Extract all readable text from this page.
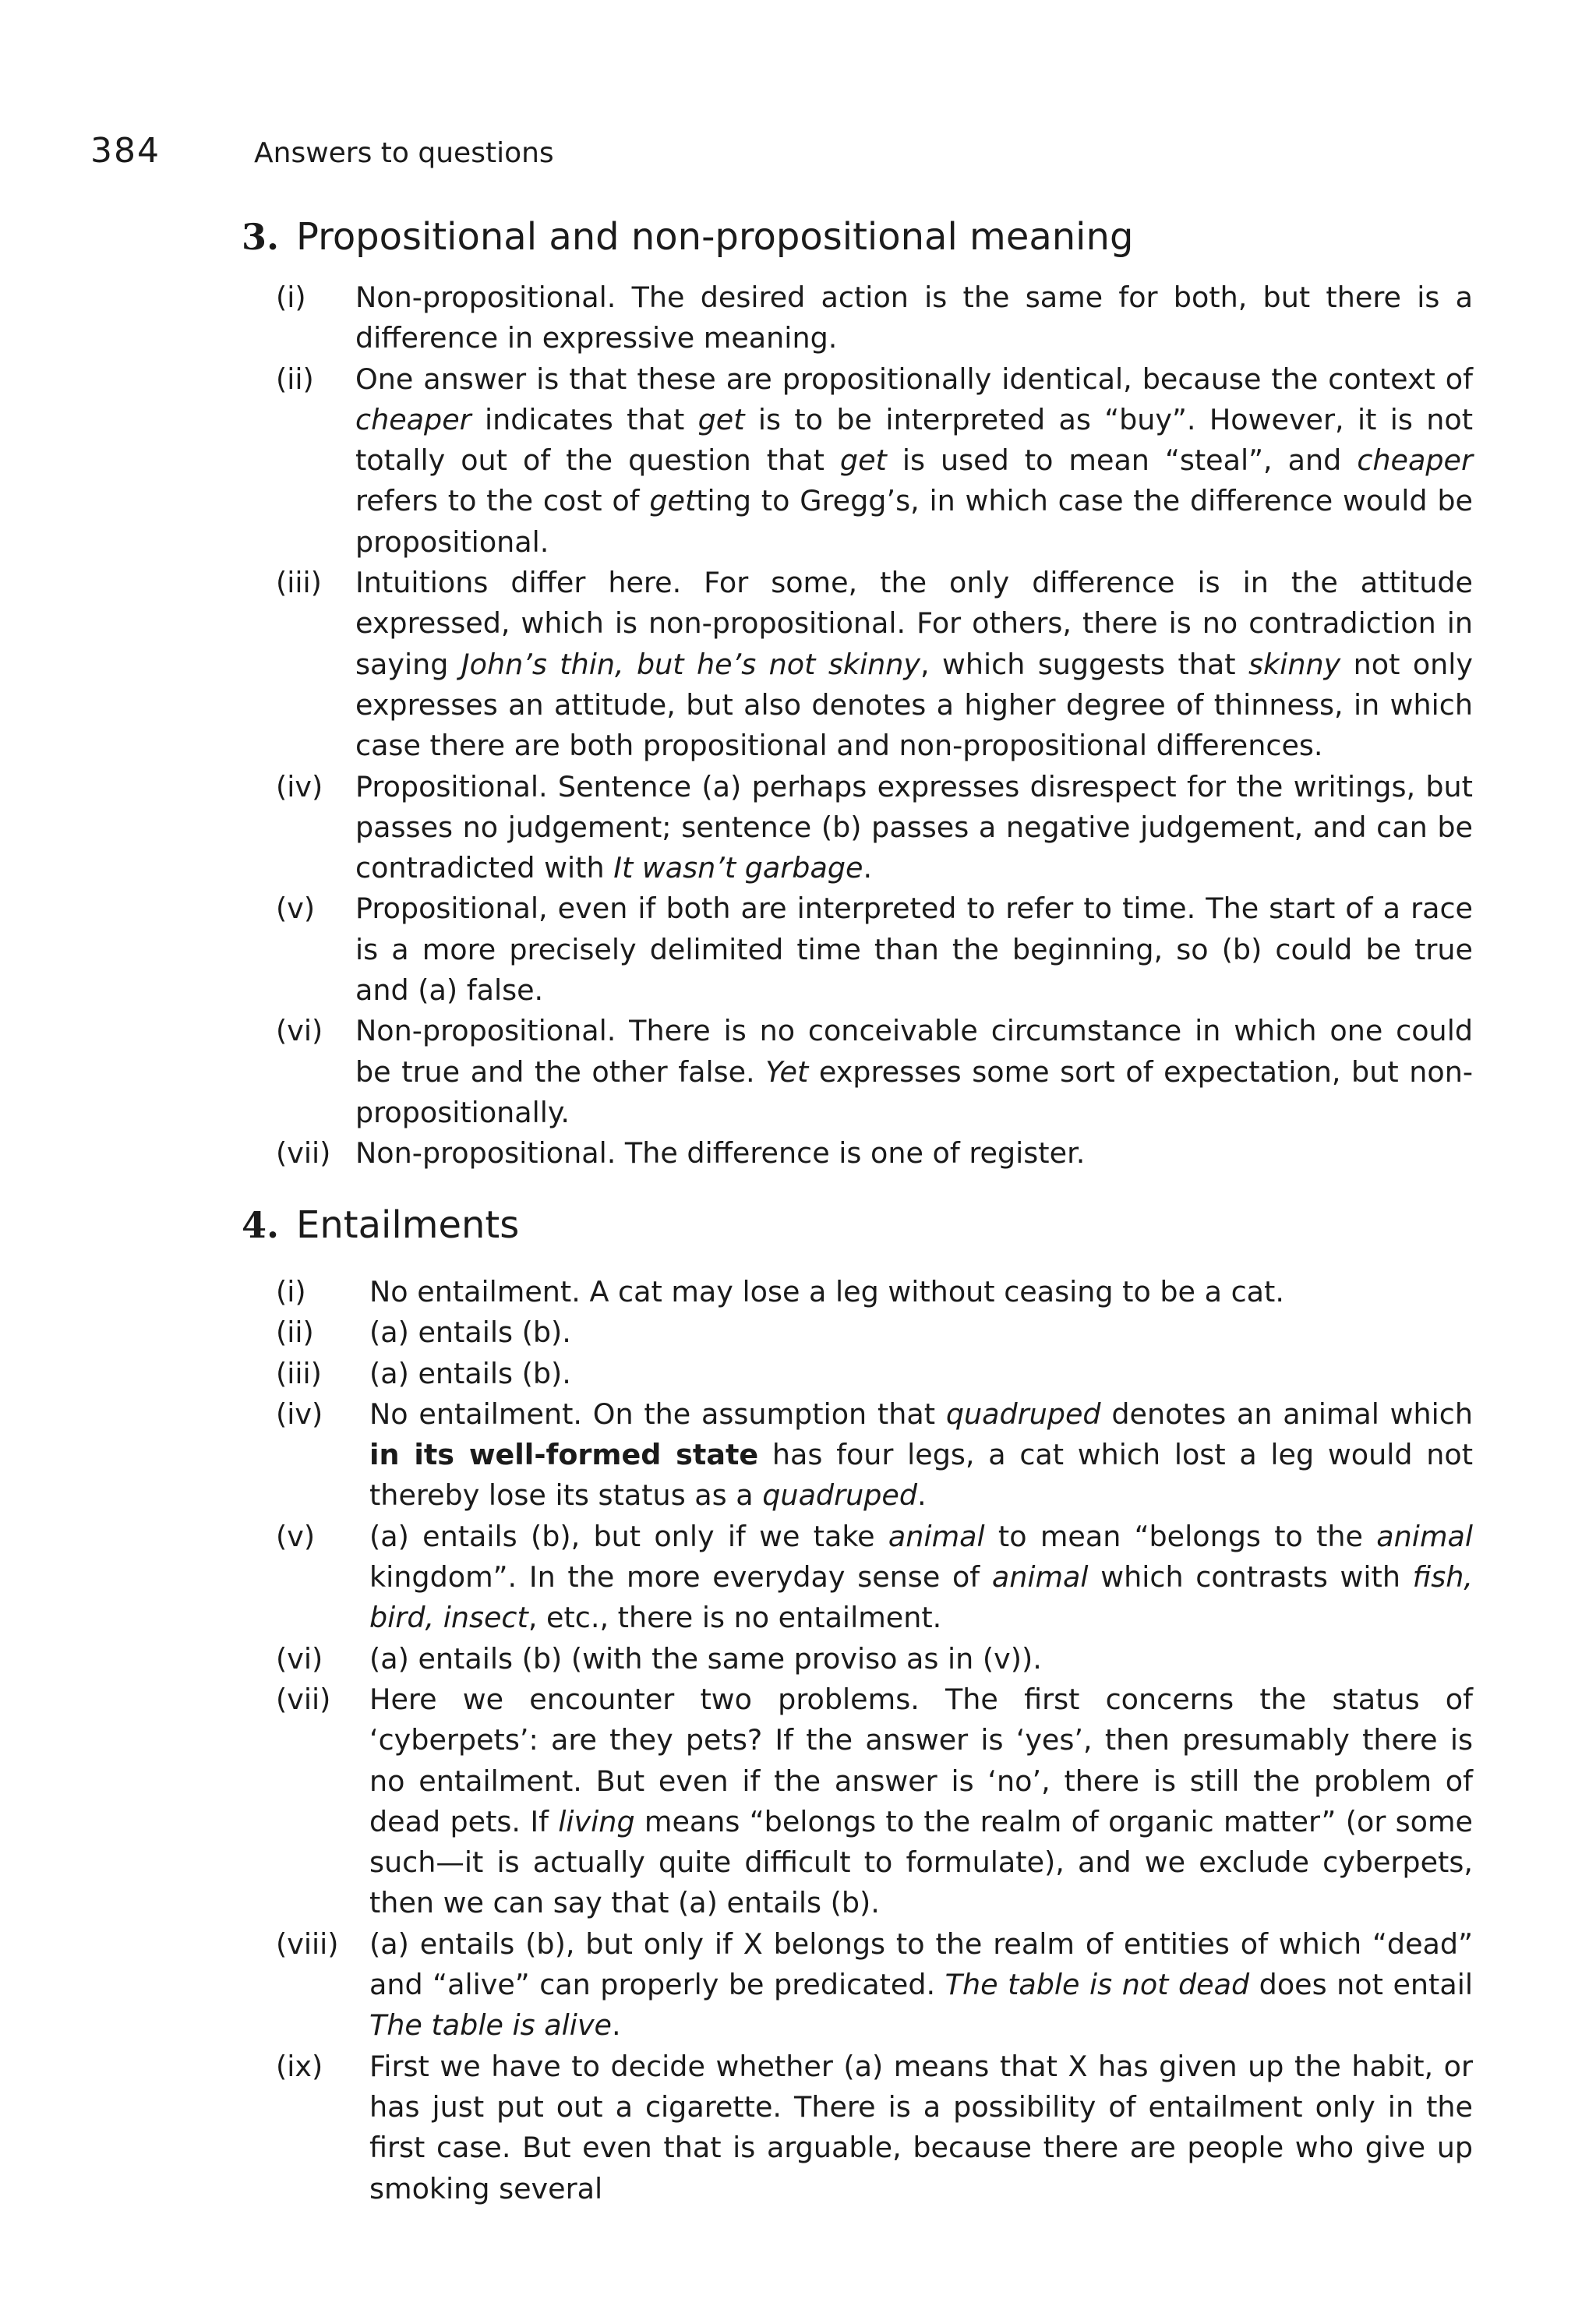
384	Answers to questions
3. Propositional and non-propositional meaning
(i) Non-propositional. The desired action is the same for both, but there is a difference in expressive meaning.
(ii) One answer is that these are propositionally identical, because the context of cheaper indicates that get is to be interpreted as “buy”. However, it is not totally out of the question that get is used to mean “steal”, and cheaper refers to the cost of getting to Gregg’s, in which case the difference would be propositional.
(iii) Intuitions differ here. For some, the only difference is in the attitude expressed, which is non-propositional. For others, there is no contradiction in saying John’s thin, but he’s not skinny, which suggests that skinny not only expresses an attitude, but also denotes a higher degree of thinness, in which case there are both propositional and non-propositional differences.
(iv) Propositional. Sentence (a) perhaps expresses disrespect for the writings, but passes no judgement; sentence (b) passes a negative judgement, and can be contradicted with It wasn’t garbage.
(v) Propositional, even if both are interpreted to refer to time. The start of a race is a more precisely delimited time than the beginning, so (b) could be true and (a) false.
(vi) Non-propositional. There is no conceivable circumstance in which one could be true and the other false. Yet expresses some sort of expectation, but non-propositionally.
(vii) Non-propositional. The difference is one of register.
4. Entailments
(i) No entailment. A cat may lose a leg without ceasing to be a cat.
(ii) (a) entails (b).
(iii) (a) entails (b).
(iv) No entailment. On the assumption that quadruped denotes an animal which in its well-formed state has four legs, a cat which lost a leg would not thereby lose its status as a quadruped.
(v) (a) entails (b), but only if we take animal to mean “belongs to the animal kingdom”. In the more everyday sense of animal which contrasts with fish, bird, insect, etc., there is no entailment.
(vi) (a) entails (b) (with the same proviso as in (v)).
(vii) Here we encounter two problems. The first concerns the status of ‘cyberpets’: are they pets? If the answer is ‘yes’, then presumably there is no entailment. But even if the answer is ‘no’, there is still the problem of dead pets. If living means “belongs to the realm of organic matter” (or some such—it is actually quite difficult to formulate), and we exclude cyberpets, then we can say that (a) entails (b).
(viii) (a) entails (b), but only if X belongs to the realm of entities of which “dead” and “alive” can properly be predicated. The table is not dead does not entail The table is alive.
(ix) First we have to decide whether (a) means that X has given up the habit, or has just put out a cigarette. There is a possibility of entailment only in the first case. But even that is arguable, because there are people who give up smoking several
